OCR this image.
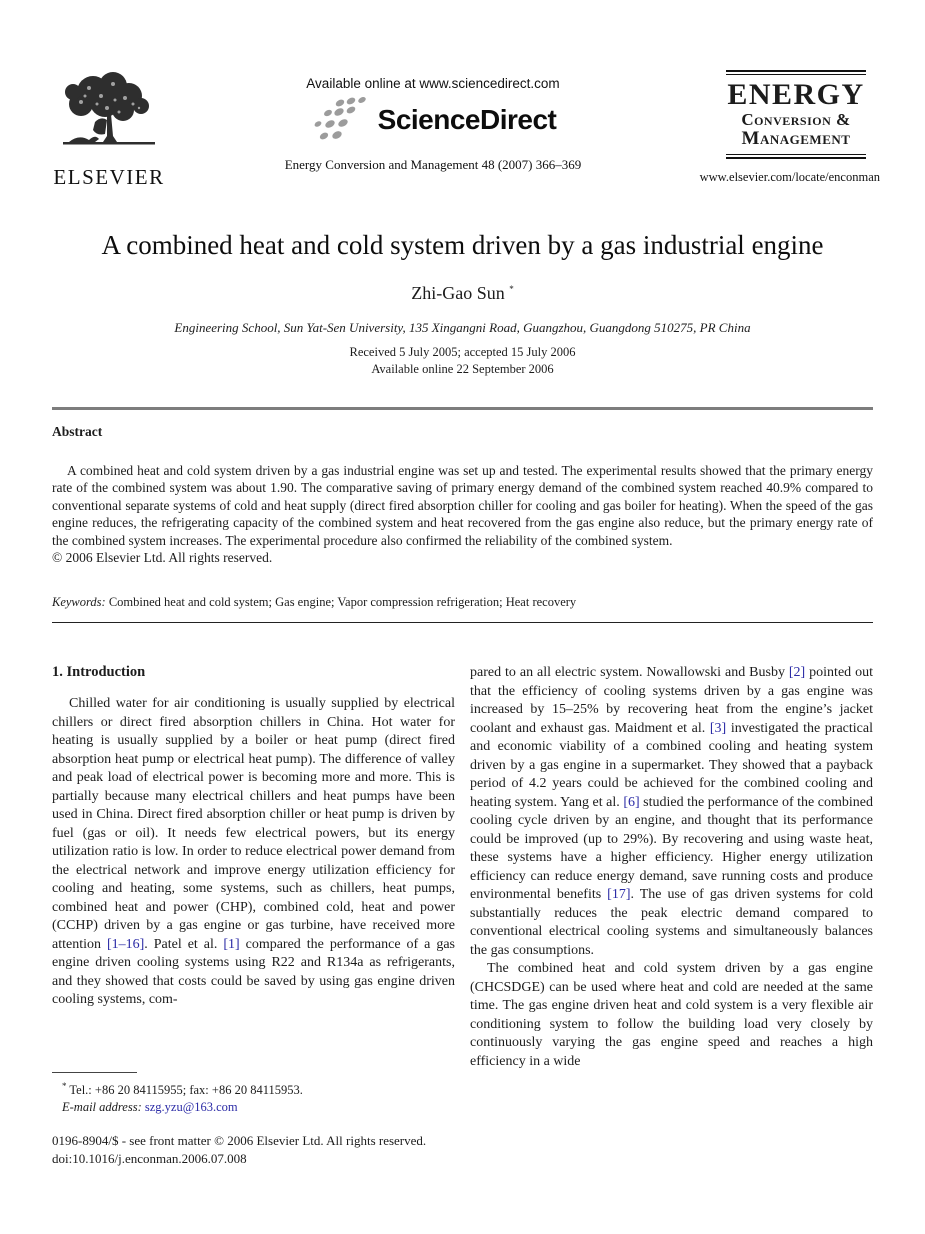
ELSEVIER
Available online at www.sciencedirect.com
ScienceDirect
Energy Conversion and Management 48 (2007) 366–369
ENERGY
Conversion &
Management
www.elsevier.com/locate/enconman
A combined heat and cold system driven by a gas industrial engine
Zhi-Gao Sun *
Engineering School, Sun Yat-Sen University, 135 Xingangni Road, Guangzhou, Guangdong 510275, PR China
Received 5 July 2005; accepted 15 July 2006
Available online 22 September 2006
Abstract

A combined heat and cold system driven by a gas industrial engine was set up and tested. The experimental results showed that the primary energy rate of the combined system was about 1.90. The comparative saving of primary energy demand of the combined system reached 40.9% compared to conventional separate systems of cold and heat supply (direct fired absorption chiller for cooling and gas boiler for heating). When the speed of the gas engine reduces, the refrigerating capacity of the combined system and heat recovered from the gas engine also reduce, but the primary energy rate of the combined system increases. The experimental procedure also confirmed the reliability of the combined system.

© 2006 Elsevier Ltd. All rights reserved.

Keywords: Combined heat and cold system; Gas engine; Vapor compression refrigeration; Heat recovery
1. Introduction

Chilled water for air conditioning is usually supplied by electrical chillers or direct fired absorption chillers in China. Hot water for heating is usually supplied by a boiler or heat pump (direct fired absorption heat pump or electrical heat pump). The difference of valley and peak load of electrical power is becoming more and more. This is partially because many electrical chillers and heat pumps have been used in China. Direct fired absorption chiller or heat pump is driven by fuel (gas or oil). It needs few electrical powers, but its energy utilization ratio is low. In order to reduce electrical power demand from the electrical network and improve energy utilization efficiency for cooling and heating, some systems, such as chillers, heat pumps, combined heat and power (CHP), combined cold, heat and power (CCHP) driven by a gas engine or gas turbine, have received more attention [1–16]. Patel et al. [1] compared the performance of a gas engine driven cooling systems using R22 and R134a as refrigerants, and they showed that costs could be saved by using gas engine driven cooling systems, com-

pared to an all electric system. Nowallowski and Busby [2] pointed out that the efficiency of cooling systems driven by a gas engine was increased by 15–25% by recovering heat from the engine’s jacket coolant and exhaust gas. Maidment et al. [3] investigated the practical and economic viability of a combined cooling and heating system driven by a gas engine in a supermarket. They showed that a payback period of 4.2 years could be achieved for the combined cooling and heating system. Yang et al. [6] studied the performance of the combined cooling cycle driven by an engine, and thought that its performance could be improved (up to 29%). By recovering and using waste heat, these systems have a higher efficiency. Higher energy utilization efficiency can reduce energy demand, save running costs and produce environmental benefits [17]. The use of gas driven systems for cold substantially reduces the peak electric demand compared to conventional electrical cooling systems and simultaneously balances the gas consumptions.

The combined heat and cold system driven by a gas engine (CHCSDGE) can be used where heat and cold are needed at the same time. The gas engine driven heat and cold system is a very flexible air conditioning system to follow the building load very closely by continuously varying the gas engine speed and reaches a high efficiency in a wide

* Tel.: +86 20 84115955; fax: +86 20 84115953.
E-mail address: szg.yzu@163.com
0196-8904/$ - see front matter © 2006 Elsevier Ltd. All rights reserved.
doi:10.1016/j.enconman.2006.07.008
